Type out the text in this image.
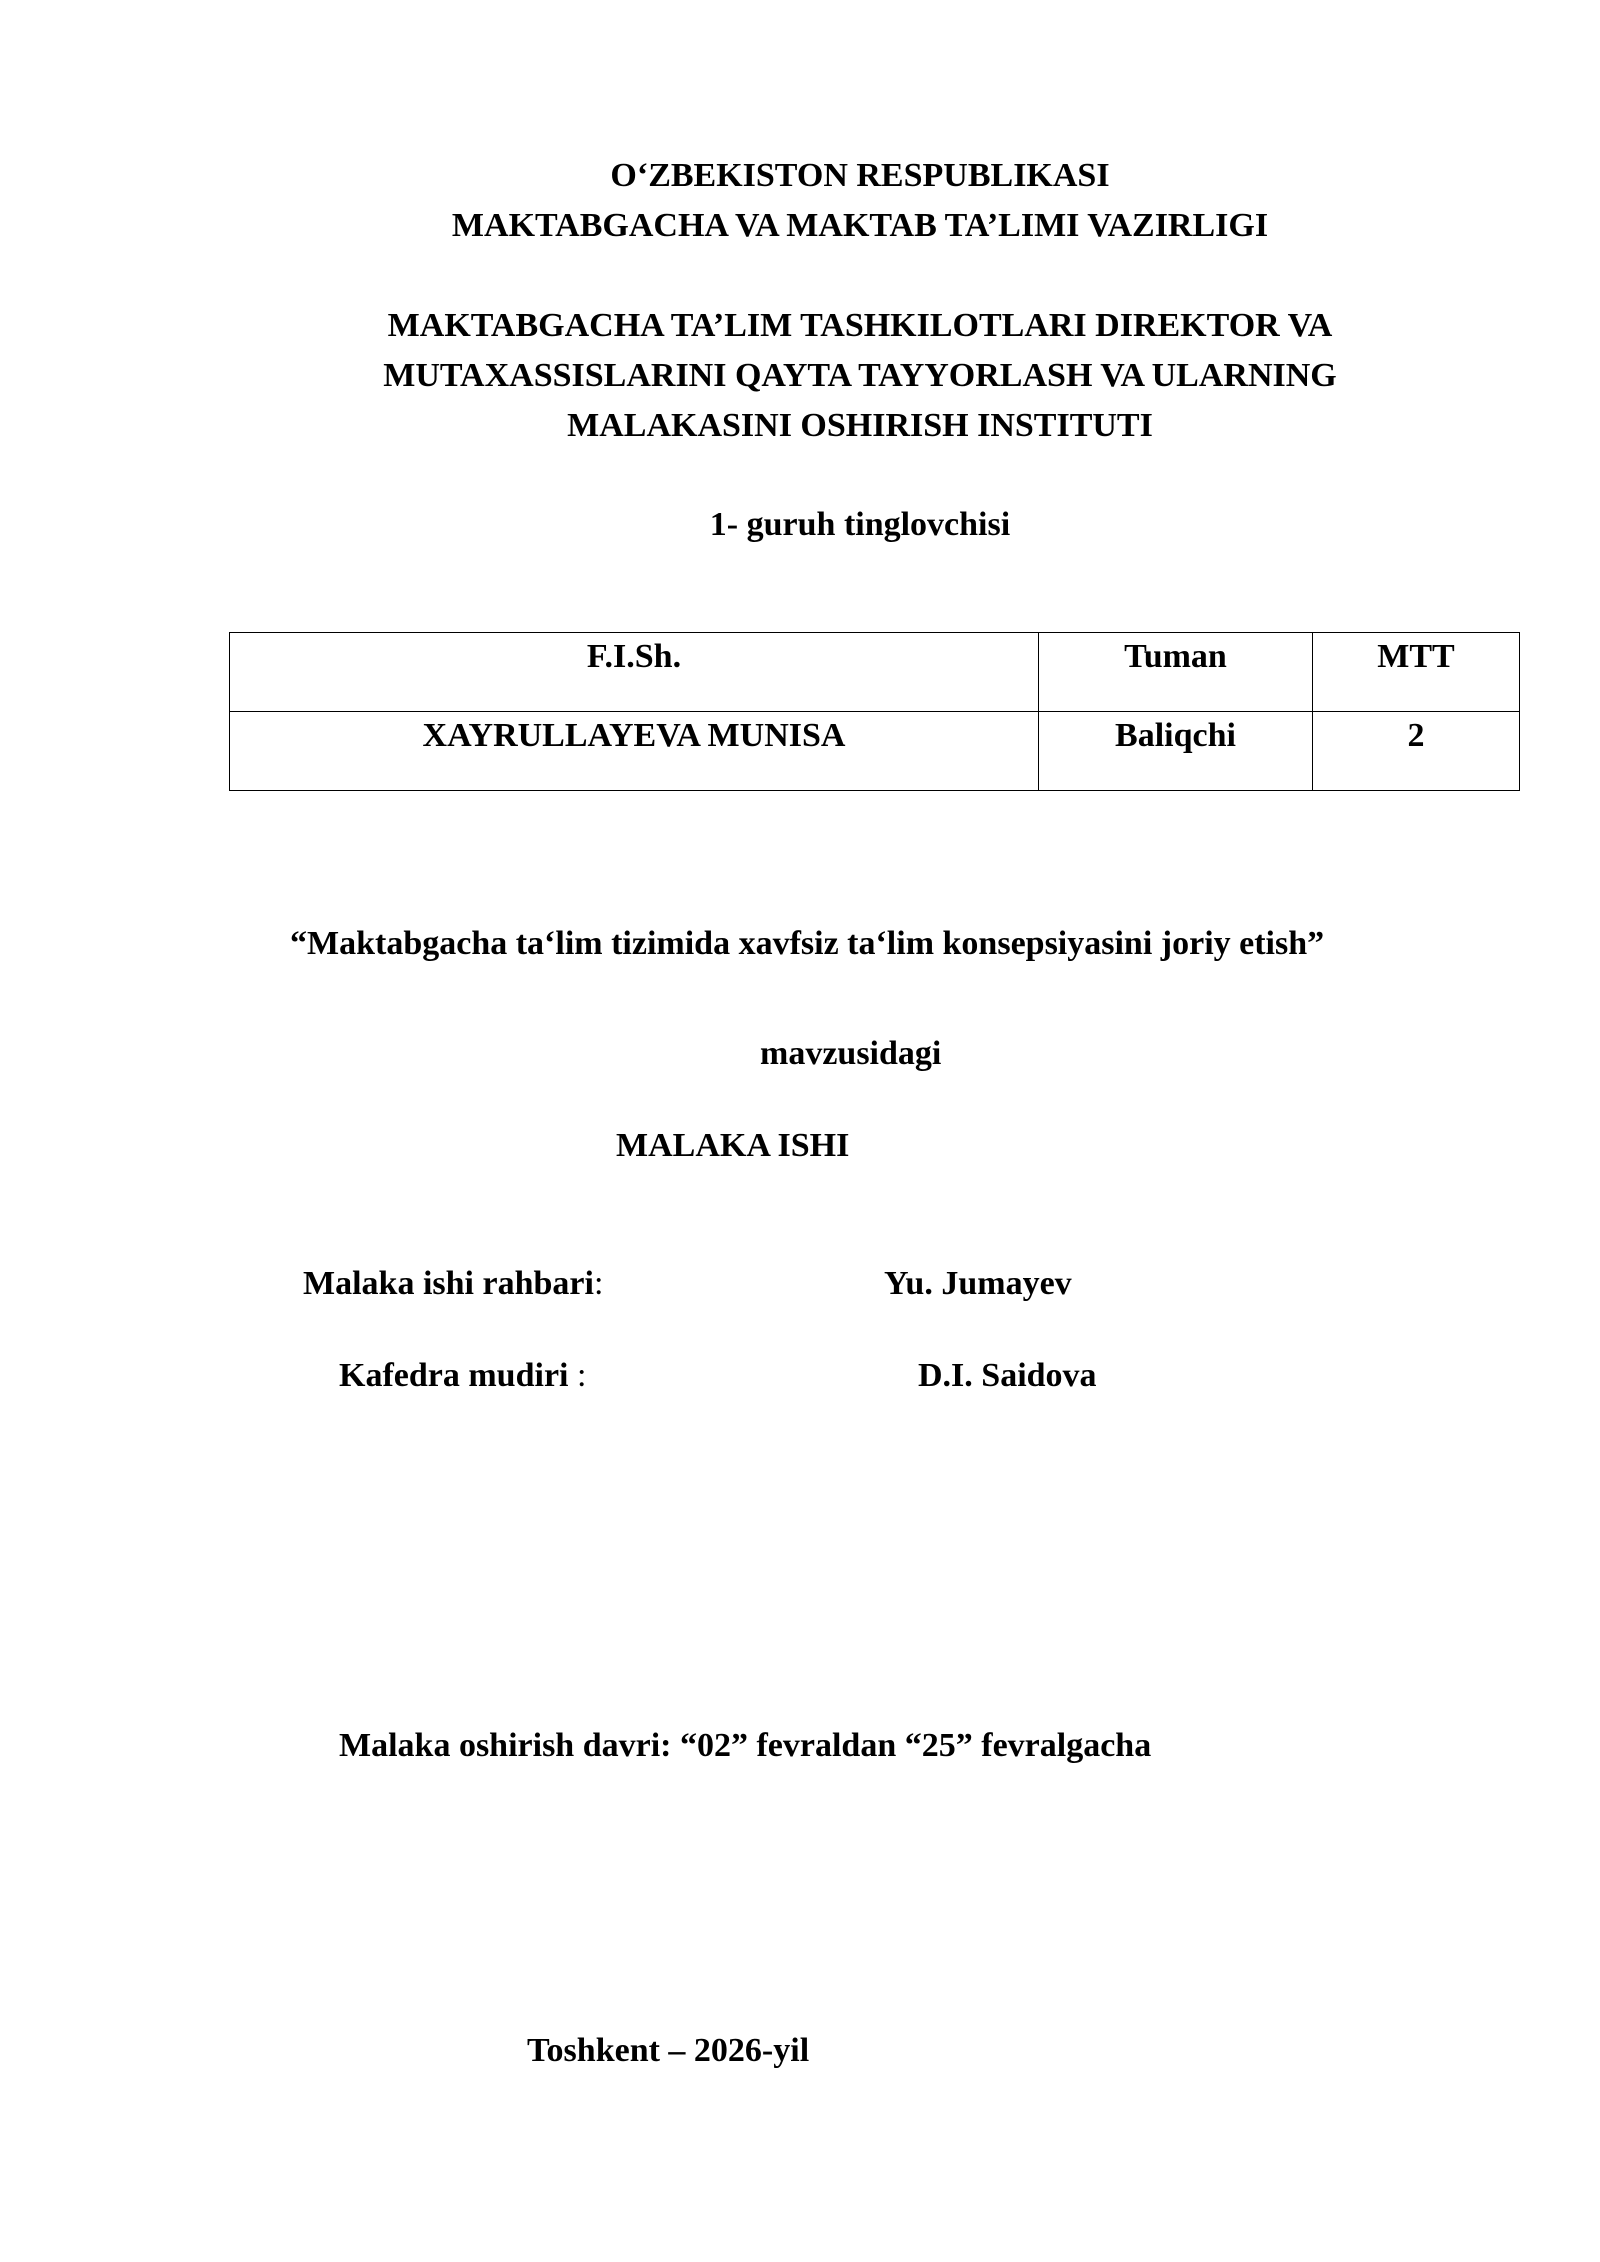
O‘ZBEKISTON RESPUBLIKASI
MAKTABGACHA VA MAKTAB TA’LIMI VAZIRLIGI
MAKTABGACHA TA’LIM TASHKILOTLARI DIREKTOR VA
MUTAXASSISLARINI QAYTA TAYYORLASH VA ULARNING
MALAKASINI OSHIRISH INSTITUTI
1- guruh tinglovchisi
F.I.Sh.	Tuman	MTT
XAYRULLAYEVA MUNISA	Baliqchi	2
“Maktabgacha ta‘lim tizimida xavfsiz ta‘lim konsepsiyasini joriy etish”
mavzusidagi
MALAKA ISHI
Malaka ishi rahbari:	Yu. Jumayev
Kafedra mudiri :	D.I. Saidova
Malaka oshirish davri: “02” fevraldan “25” fevralgacha
Toshkent – 2026-yil
